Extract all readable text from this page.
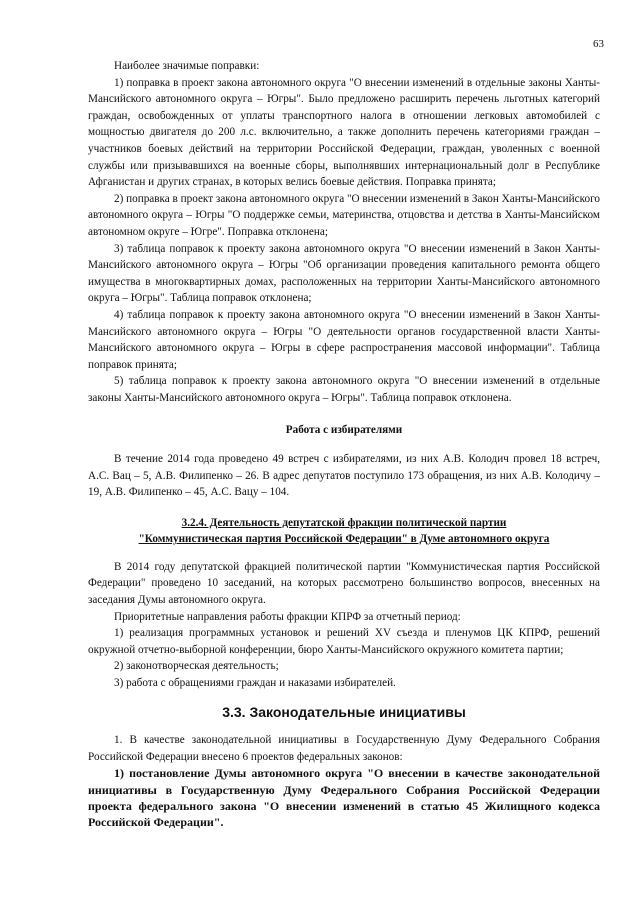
63

Наиболее значимые поправки:

1) поправка в проект закона автономного округа "О внесении изменений в отдельные законы Ханты-Мансийского автономного округа – Югры". Было предложено расширить перечень льготных категорий граждан, освобожденных от уплаты транспортного налога в отношении легковых автомобилей с мощностью двигателя до 200 л.с. включительно, а также дополнить перечень категориями граждан – участников боевых действий на территории Российской Федерации, граждан, уволенных с военной службы или призывавшихся на военные сборы, выполнявших интернациональный долг в Республике Афганистан и других странах, в которых велись боевые действия. Поправка принята;

2) поправка в проект закона автономного округа "О внесении изменений в Закон Ханты-Мансийского автономного округа – Югры "О поддержке семьи, материнства, отцовства и детства в Ханты-Мансийском автономном округе – Югре". Поправка отклонена;

3) таблица поправок к проекту закона автономного округа "О внесении изменений в Закон Ханты-Мансийского автономного округа – Югры "Об организации проведения капитального ремонта общего имущества в многоквартирных домах, расположенных на территории Ханты-Мансийского автономного округа – Югры". Таблица поправок отклонена;

4) таблица поправок к проекту закона автономного округа "О внесении изменений в Закон Ханты-Мансийского автономного округа – Югры "О деятельности органов государственной власти Ханты-Мансийского автономного округа – Югры в сфере распространения массовой информации". Таблица поправок принята;

5) таблица поправок к проекту закона автономного округа "О внесении изменений в отдельные законы Ханты-Мансийского автономного округа – Югры". Таблица поправок отклонена.

Работа с избирателями

В течение 2014 года проведено 49 встреч с избирателями, из них А.В. Колодич провел 18 встреч, А.С. Вац – 5, А.В. Филипенко – 26. В адрес депутатов поступило 173 обращения, из них А.В. Колодичу – 19, А.В. Филипенко – 45, А.С. Вацу – 104.

3.2.4. Деятельность депутатской фракции политической партии
"Коммунистическая партия Российской Федерации" в Думе автономного округа

В 2014 году депутатской фракцией политической партии "Коммунистическая партия Российской Федерации" проведено 10 заседаний, на которых рассмотрено большинство вопросов, внесенных на заседания Думы автономного округа.

Приоритетные направления работы фракции КПРФ за отчетный период:

1) реализация программных установок и решений XV съезда и пленумов ЦК КПРФ, решений окружной отчетно-выборной конференции, бюро Ханты-Мансийского окружного комитета партии;

2) законотворческая деятельность;

3) работа с обращениями граждан и наказами избирателей.

3.3. Законодательные инициативы

1. В качестве законодательной инициативы в Государственную Думу Федерального Собрания Российской Федерации внесено 6 проектов федеральных законов:

1) постановление Думы автономного округа "О внесении в качестве законодательной инициативы в Государственную Думу Федерального Собрания Российской Федерации проекта федерального закона "О внесении изменений в статью 45 Жилищного кодекса Российской Федерации".
